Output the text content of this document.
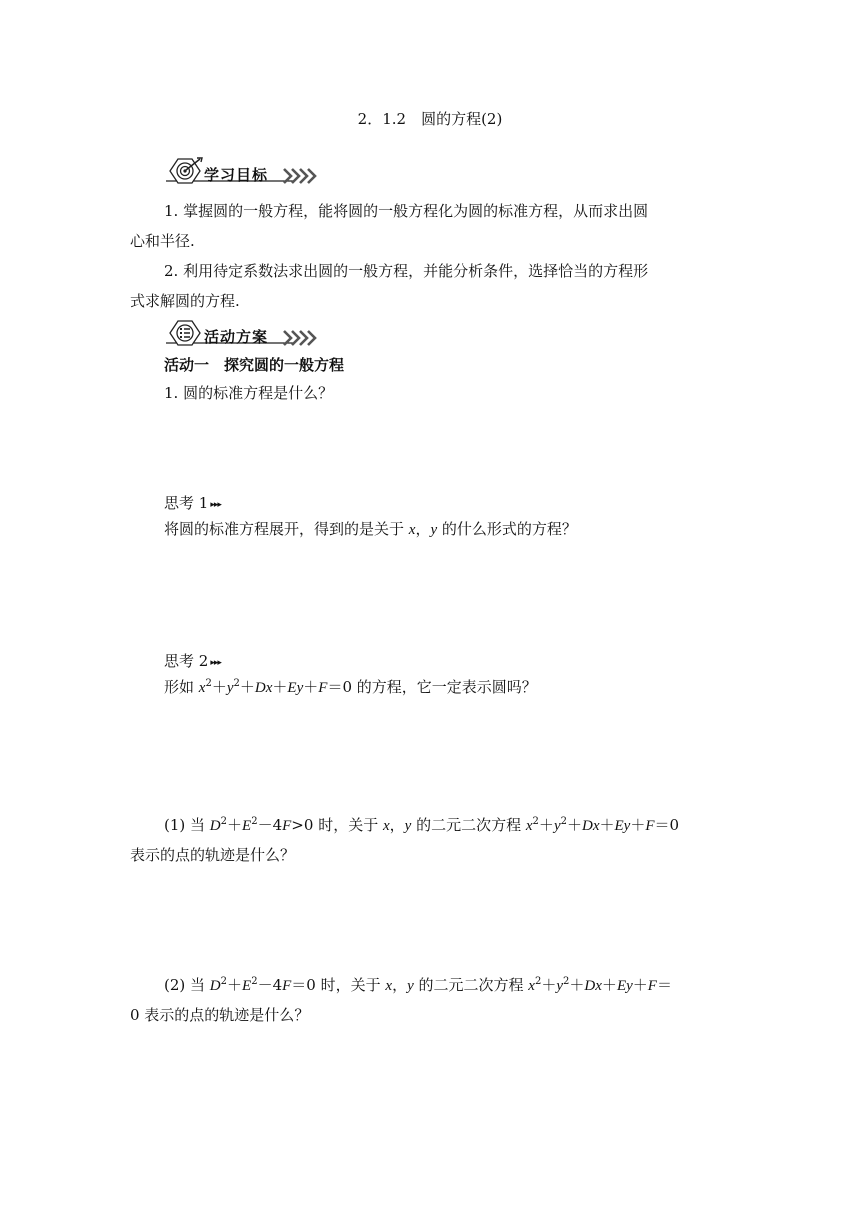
2．1.2　圆的方程(2)
学习目标
1. 掌握圆的一般方程，能将圆的一般方程化为圆的标准方程，从而求出圆
心和半径.
2. 利用待定系数法求出圆的一般方程，并能分析条件，选择恰当的方程形
式求解圆的方程.
活动方案
活动一　探究圆的一般方程
1. 圆的标准方程是什么？
思考 1 ▸▸▸
将圆的标准方程展开，得到的是关于 x，y 的什么形式的方程？
思考 2 ▸▸▸
形如 $x^2+y^2+Dx+Ey+F=0$ 的方程，它一定表示圆吗？
(1) 当 $D^2+E^2-4F>0$ 时，关于 x，y 的二元二次方程 $x^2+y^2+Dx+Ey+F=0$
表示的点的轨迹是什么？
(2) 当 $D^2+E^2-4F=0$ 时，关于 x，y 的二元二次方程 $x^2+y^2+Dx+Ey+F=$
0 表示的点的轨迹是什么？
